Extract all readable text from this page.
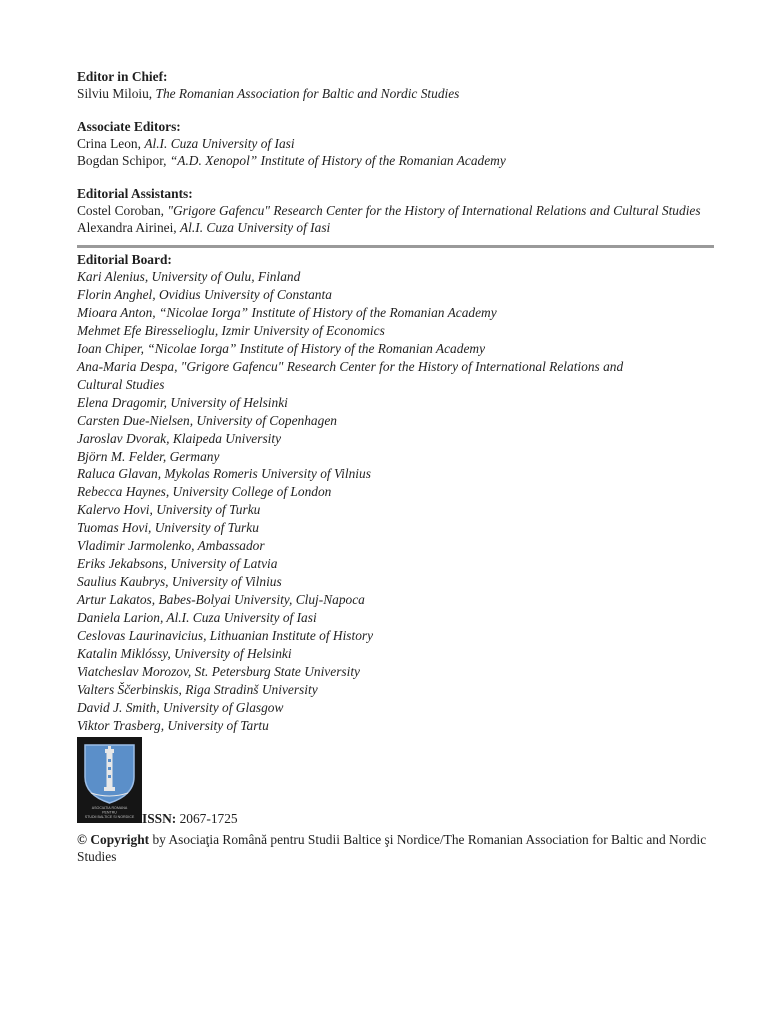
Editor in Chief:
Silviu Miloiu, The Romanian Association for Baltic and Nordic Studies
Associate Editors:
Crina Leon, Al.I. Cuza University of Iasi
Bogdan Schipor, “A.D. Xenopol” Institute of History of the Romanian Academy
Editorial Assistants:
Costel Coroban, "Grigore Gafencu" Research Center for the History of International Relations and Cultural Studies
Alexandra Airinei, Al.I. Cuza University of Iasi
Editorial Board:
Kari Alenius, University of Oulu, Finland
Florin Anghel, Ovidius University of Constanta
Mioara Anton, “Nicolae Iorga” Institute of History of the Romanian Academy
Mehmet Efe Biresselioglu, Izmir University of Economics
Ioan Chiper, “Nicolae Iorga” Institute of History of the Romanian Academy
Ana-Maria Despa, "Grigore Gafencu" Research Center for the History of International Relations and
Cultural Studies
Elena Dragomir, University of Helsinki
Carsten Due-Nielsen, University of Copenhagen
Jaroslav Dvorak, Klaipeda University
Björn M. Felder, Germany
Raluca Glavan, Mykolas Romeris University of Vilnius
Rebecca Haynes, University College of London
Kalervo Hovi, University of Turku
Tuomas Hovi, University of Turku
Vladimir Jarmolenko, Ambassador
Eriks Jekabsons, University of Latvia
Saulius Kaubrys, University of Vilnius
Artur Lakatos, Babes-Bolyai University, Cluj-Napoca
Daniela Larion, Al.I. Cuza University of Iasi
Ceslovas Laurinavicius, Lithuanian Institute of History
Katalin Miklóssy, University of Helsinki
Viatcheslav Morozov, St. Petersburg State University
Valters Ščerbinskis, Riga Stradinš University
David J. Smith, University of Glasgow
Viktor Trasberg, University of Tartu
ASOCIATIA ROMANA
PENTRU
STUDII BALTICE SI NORDICE ISSN: 2067-1725
© Copyright by Asociaţia Română pentru Studii Baltice şi Nordice/The Romanian Association for Baltic and Nordic Studies
